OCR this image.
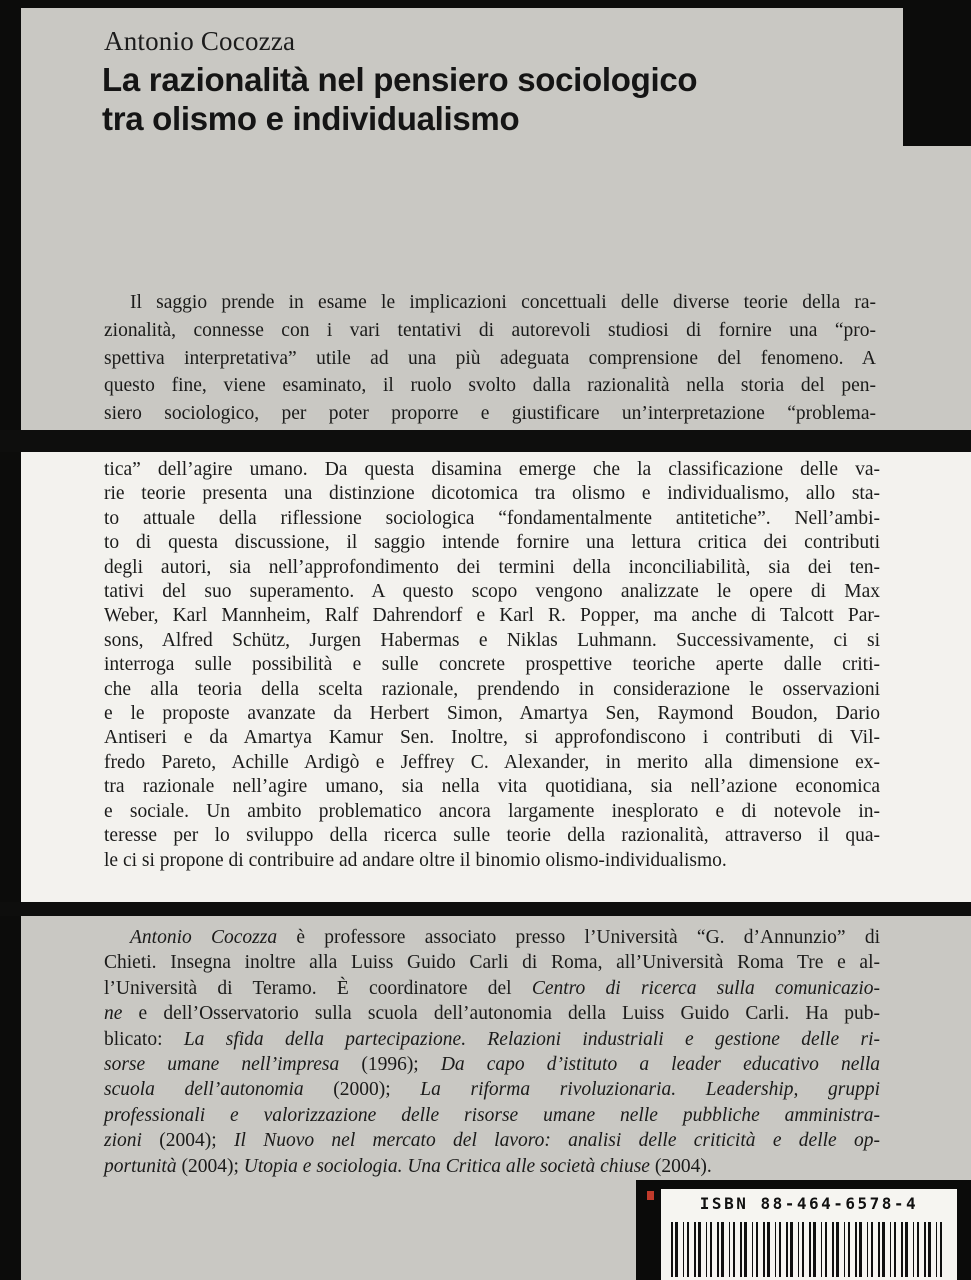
Antonio Cocozza
La razionalità nel pensiero sociologico
tra olismo e individualismo
Il saggio prende in esame le implicazioni concettuali delle diverse teorie della ra-
zionalità, connesse con i vari tentativi di autorevoli studiosi di fornire una “pro-
spettiva interpretativa” utile ad una più adeguata comprensione del fenomeno. A
questo fine, viene esaminato, il ruolo svolto dalla razionalità nella storia del pen-
siero sociologico, per poter proporre e giustificare un’interpretazione “problema-
tica” dell’agire umano. Da questa disamina emerge che la classificazione delle va-
rie teorie presenta una distinzione dicotomica tra olismo e individualismo, allo sta-
to attuale della riflessione sociologica “fondamentalmente antitetiche”. Nell’ambi-
to di questa discussione, il saggio intende fornire una lettura critica dei contributi
degli autori, sia nell’approfondimento dei termini della inconciliabilità, sia dei ten-
tativi del suo superamento. A questo scopo vengono analizzate le opere di Max
Weber, Karl Mannheim, Ralf Dahrendorf e Karl R. Popper, ma anche di Talcott Par-
sons, Alfred Schütz, Jurgen Habermas e Niklas Luhmann. Successivamente, ci si
interroga sulle possibilità e sulle concrete prospettive teoriche aperte dalle criti-
che alla teoria della scelta razionale, prendendo in considerazione le osservazioni
e le proposte avanzate da Herbert Simon, Amartya Sen, Raymond Boudon, Dario
Antiseri e da Amartya Kamur Sen. Inoltre, si approfondiscono i contributi di Vil-
fredo Pareto, Achille Ardigò e Jeffrey C. Alexander, in merito alla dimensione ex-
tra razionale nell’agire umano, sia nella vita quotidiana, sia nell’azione economica
e sociale. Un ambito problematico ancora largamente inesplorato e di notevole in-
teresse per lo sviluppo della ricerca sulle teorie della razionalità, attraverso il qua-
le ci si propone di contribuire ad andare oltre il binomio olismo-individualismo.
Antonio Cocozza è professore associato presso l’Università “G. d’Annunzio” di
Chieti. Insegna inoltre alla Luiss Guido Carli di Roma, all’Università Roma Tre e al-
l’Università di Teramo. È coordinatore del Centro di ricerca sulla comunicazio-
ne e dell’Osservatorio sulla scuola dell’autonomia della Luiss Guido Carli. Ha pub-
blicato: La sfida della partecipazione. Relazioni industriali e gestione delle ri-
sorse umane nell’impresa (1996); Da capo d’istituto a leader educativo nella
scuola dell’autonomia (2000); La riforma rivoluzionaria. Leadership, gruppi
professionali e valorizzazione delle risorse umane nelle pubbliche amministra-
zioni (2004); Il Nuovo nel mercato del lavoro: analisi delle criticità e delle op-
portunità (2004); Utopia e sociologia. Una Critica alle società chiuse (2004).
ISBN 88-464-6578-4
